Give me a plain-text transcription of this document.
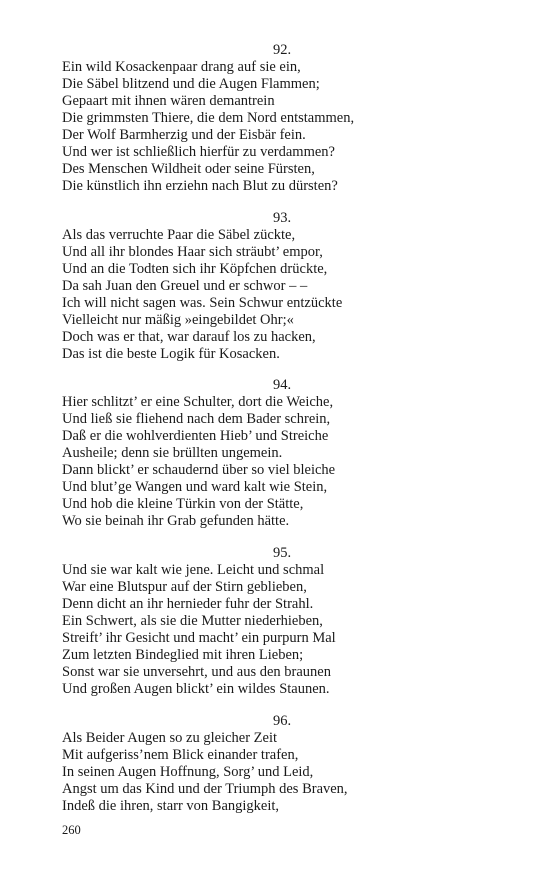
92.
Ein wild Kosackenpaar drang auf sie ein,
Die Säbel blitzend und die Augen Flammen;
Gepaart mit ihnen wären demantrein
Die grimmsten Thiere, die dem Nord entstammen,
Der Wolf Barmherzig und der Eisbär fein.
Und wer ist schließlich hierfür zu verdammen?
Des Menschen Wildheit oder seine Fürsten,
Die künstlich ihn erziehn nach Blut zu dürsten?
93.
Als das verruchte Paar die Säbel zückte,
Und all ihr blondes Haar sich sträubt’ empor,
Und an die Todten sich ihr Köpfchen drückte,
Da sah Juan den Greuel und er schwor – –
Ich will nicht sagen was. Sein Schwur entzückte
Vielleicht nur mäßig »eingebildet Ohr;«
Doch was er that, war darauf los zu hacken,
Das ist die beste Logik für Kosacken.
94.
Hier schlitzt’ er eine Schulter, dort die Weiche,
Und ließ sie fliehend nach dem Bader schrein,
Daß er die wohlverdienten Hieb’ und Streiche
Ausheile; denn sie brüllten ungemein.
Dann blickt’ er schaudernd über so viel bleiche
Und blut’ge Wangen und ward kalt wie Stein,
Und hob die kleine Türkin von der Stätte,
Wo sie beinah ihr Grab gefunden hätte.
95.
Und sie war kalt wie jene. Leicht und schmal
War eine Blutspur auf der Stirn geblieben,
Denn dicht an ihr hernieder fuhr der Strahl.
Ein Schwert, als sie die Mutter niederhieben,
Streift’ ihr Gesicht und macht’ ein purpurn Mal
Zum letzten Bindeglied mit ihren Lieben;
Sonst war sie unversehrt, und aus den braunen
Und großen Augen blickt’ ein wildes Staunen.
96.
Als Beider Augen so zu gleicher Zeit
Mit aufgeriss’nem Blick einander trafen,
In seinen Augen Hoffnung, Sorg’ und Leid,
Angst um das Kind und der Triumph des Braven,
Indeß die ihren, starr von Bangigkeit,
260
